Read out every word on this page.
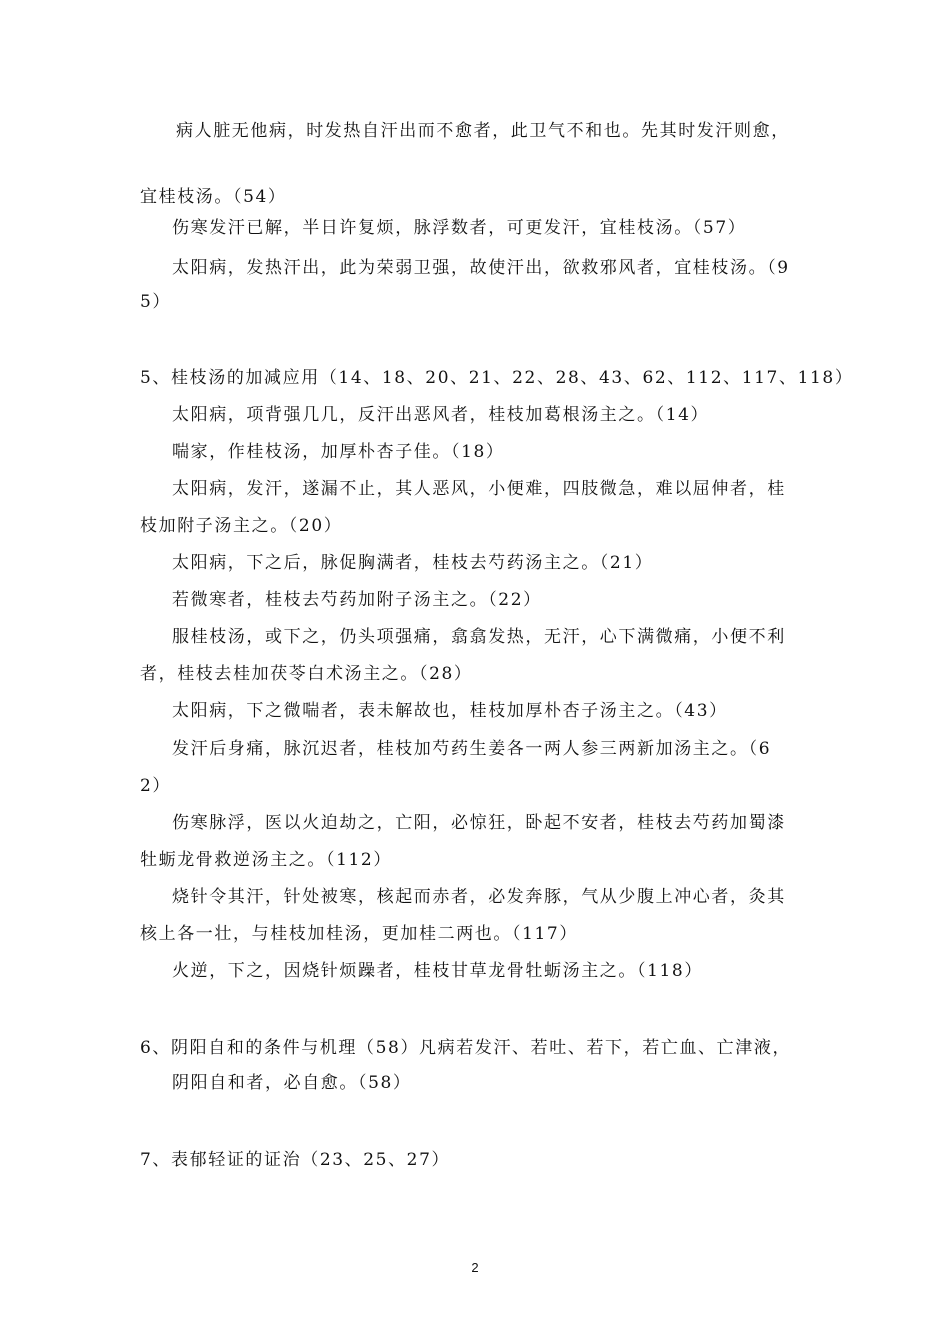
病人脏无他病，时发热自汗出而不愈者，此卫气不和也。先其时发汗则愈，
宜桂枝汤。（54）
伤寒发汗已解，半日许复烦，脉浮数者，可更发汗，宜桂枝汤。（57）
太阳病，发热汗出，此为荣弱卫强，故使汗出，欲救邪风者，宜桂枝汤。（9
5）
5、桂枝汤的加减应用（14、18、20、21、22、28、43、62、112、117、118）
太阳病，项背强几几，反汗出恶风者，桂枝加葛根汤主之。（14）
喘家，作桂枝汤，加厚朴杏子佳。（18）
太阳病，发汗，遂漏不止，其人恶风，小便难，四肢微急，难以屈伸者，桂
枝加附子汤主之。（20）
太阳病，下之后，脉促胸满者，桂枝去芍药汤主之。（21）
若微寒者，桂枝去芍药加附子汤主之。（22）
服桂枝汤，或下之，仍头项强痛，翕翕发热，无汗，心下满微痛，小便不利
者，桂枝去桂加茯苓白术汤主之。（28）
太阳病，下之微喘者，表未解故也，桂枝加厚朴杏子汤主之。（43）
发汗后身痛，脉沉迟者，桂枝加芍药生姜各一两人参三两新加汤主之。（6
2）
伤寒脉浮，医以火迫劫之，亡阳，必惊狂，卧起不安者，桂枝去芍药加蜀漆
牡蛎龙骨救逆汤主之。（112）
烧针令其汗，针处被寒，核起而赤者，必发奔豚，气从少腹上冲心者，灸其
核上各一壮，与桂枝加桂汤，更加桂二两也。（117）
火逆，下之，因烧针烦躁者，桂枝甘草龙骨牡蛎汤主之。（118）
6、阴阳自和的条件与机理（58）凡病若发汗、若吐、若下，若亡血、亡津液，
阴阳自和者，必自愈。（58）
7、表郁轻证的证治（23、25、27）
2
